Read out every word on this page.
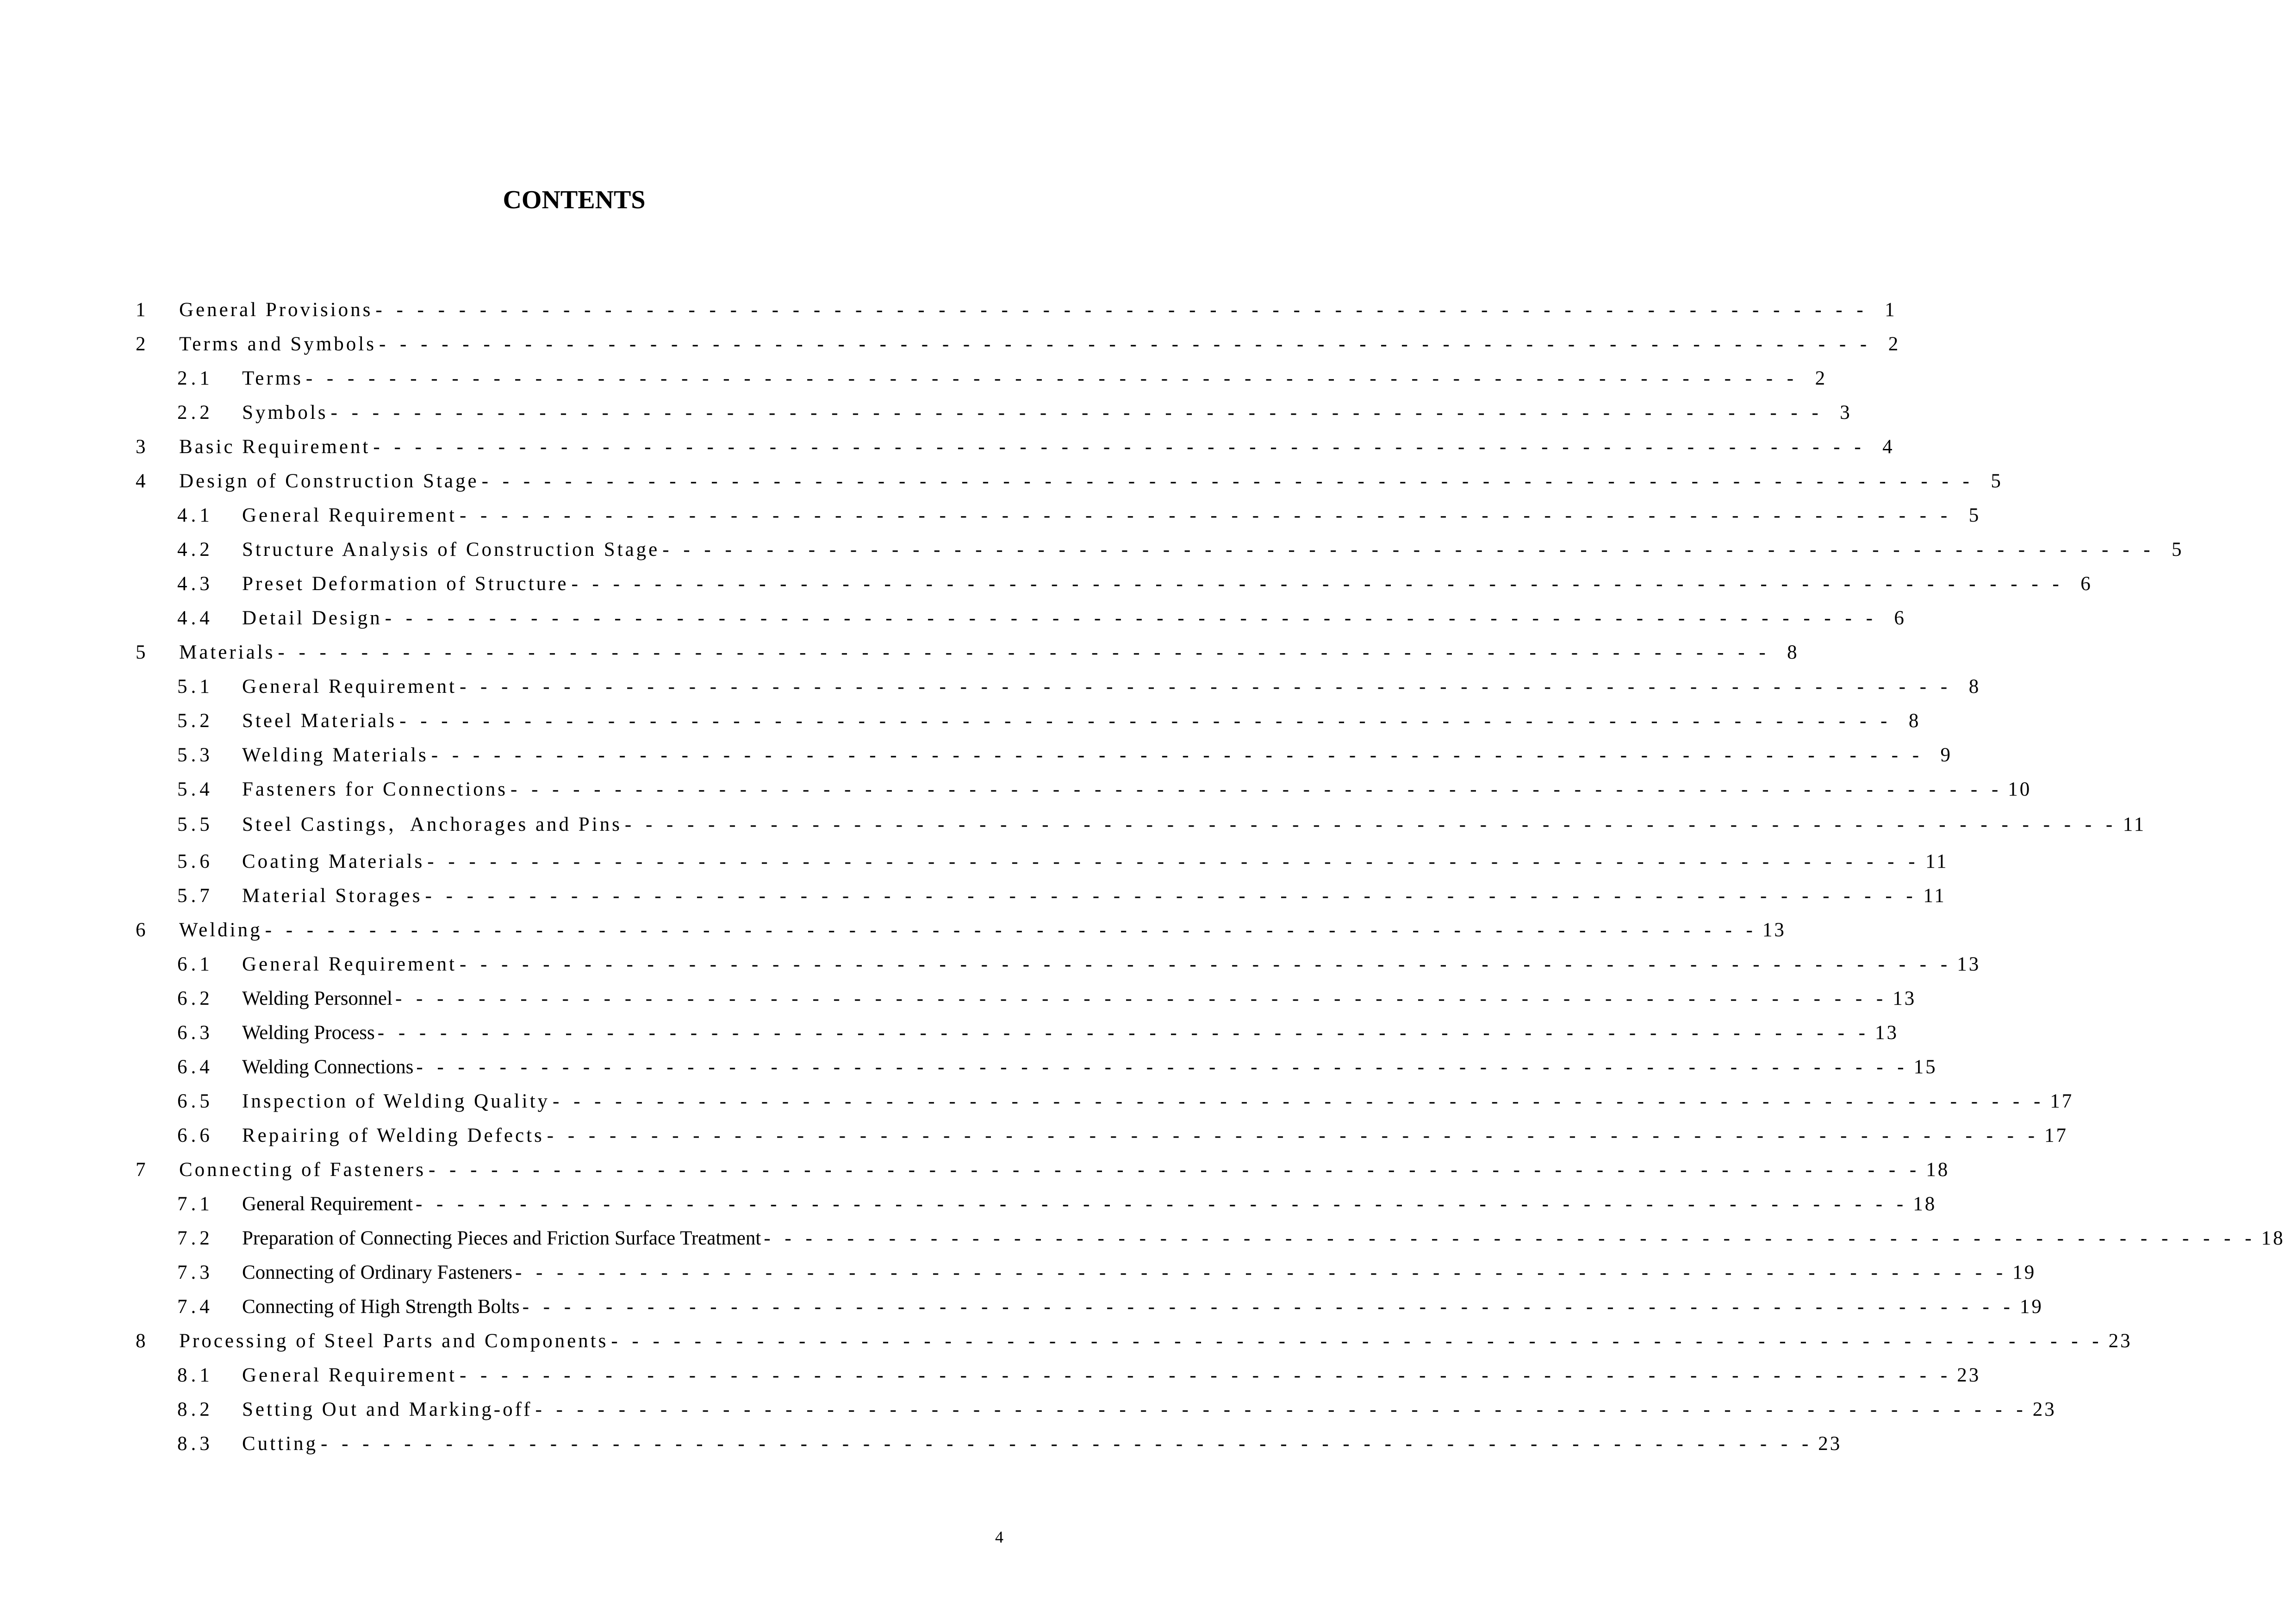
CONTENTS
1	General Provisions - - - - - - - - - - - - - - - - - - - - - - - - - - - - - - - - - - - - - - - - - - - - - - - - - - - - - - - - - - - - - - - - - - - - - - - - 1
2	Terms and Symbols - - - - - - - - - - - - - - - - - - - - - - - - - - - - - - - - - - - - - - - - - - - - - - - - - - - - - - - - - - - - - - - - - - - - - - - - 2
2.1	Terms - - - - - - - - - - - - - - - - - - - - - - - - - - - - - - - - - - - - - - - - - - - - - - - - - - - - - - - - - - - - - - - - - - - - - - - - 2
2.2	Symbols - - - - - - - - - - - - - - - - - - - - - - - - - - - - - - - - - - - - - - - - - - - - - - - - - - - - - - - - - - - - - - - - - - - - - - - - 3
3	Basic Requirement - - - - - - - - - - - - - - - - - - - - - - - - - - - - - - - - - - - - - - - - - - - - - - - - - - - - - - - - - - - - - - - - - - - - - - - - 4
4	Design of Construction Stage - - - - - - - - - - - - - - - - - - - - - - - - - - - - - - - - - - - - - - - - - - - - - - - - - - - - - - - - - - - - - - - - - - - - - - - - 5
4.1	General Requirement - - - - - - - - - - - - - - - - - - - - - - - - - - - - - - - - - - - - - - - - - - - - - - - - - - - - - - - - - - - - - - - - - - - - - - - - 5
4.2	Structure Analysis of Construction Stage - - - - - - - - - - - - - - - - - - - - - - - - - - - - - - - - - - - - - - - - - - - - - - - - - - - - - - - - - - - - - - - - - - - - - - - - 5
4.3	Preset Deformation of Structure - - - - - - - - - - - - - - - - - - - - - - - - - - - - - - - - - - - - - - - - - - - - - - - - - - - - - - - - - - - - - - - - - - - - - - - - 6
4.4	Detail Design - - - - - - - - - - - - - - - - - - - - - - - - - - - - - - - - - - - - - - - - - - - - - - - - - - - - - - - - - - - - - - - - - - - - - - - - 6
5	Materials - - - - - - - - - - - - - - - - - - - - - - - - - - - - - - - - - - - - - - - - - - - - - - - - - - - - - - - - - - - - - - - - - - - - - - - - 8
5.1	General Requirement - - - - - - - - - - - - - - - - - - - - - - - - - - - - - - - - - - - - - - - - - - - - - - - - - - - - - - - - - - - - - - - - - - - - - - - - 8
5.2	Steel Materials - - - - - - - - - - - - - - - - - - - - - - - - - - - - - - - - - - - - - - - - - - - - - - - - - - - - - - - - - - - - - - - - - - - - - - - - 8
5.3	Welding Materials - - - - - - - - - - - - - - - - - - - - - - - - - - - - - - - - - - - - - - - - - - - - - - - - - - - - - - - - - - - - - - - - - - - - - - - - 9
5.4	Fasteners for Connections - - - - - - - - - - - - - - - - - - - - - - - - - - - - - - - - - - - - - - - - - - - - - - - - - - - - - - - - - - - - - - - - - - - - - - - - 10
5.5	Steel Castings，Anchorages and Pins - - - - - - - - - - - - - - - - - - - - - - - - - - - - - - - - - - - - - - - - - - - - - - - - - - - - - - - - - - - - - - - - - - - - - - - - 11
5.6	Coating Materials - - - - - - - - - - - - - - - - - - - - - - - - - - - - - - - - - - - - - - - - - - - - - - - - - - - - - - - - - - - - - - - - - - - - - - - - 11
5.7	Material Storages - - - - - - - - - - - - - - - - - - - - - - - - - - - - - - - - - - - - - - - - - - - - - - - - - - - - - - - - - - - - - - - - - - - - - - - - 11
6	Welding - - - - - - - - - - - - - - - - - - - - - - - - - - - - - - - - - - - - - - - - - - - - - - - - - - - - - - - - - - - - - - - - - - - - - - - - 13
6.1	General Requirement - - - - - - - - - - - - - - - - - - - - - - - - - - - - - - - - - - - - - - - - - - - - - - - - - - - - - - - - - - - - - - - - - - - - - - - - 13
6.2	Welding Personnel - - - - - - - - - - - - - - - - - - - - - - - - - - - - - - - - - - - - - - - - - - - - - - - - - - - - - - - - - - - - - - - - - - - - - - - - 13
6.3	Welding Process - - - - - - - - - - - - - - - - - - - - - - - - - - - - - - - - - - - - - - - - - - - - - - - - - - - - - - - - - - - - - - - - - - - - - - - - 13
6.4	Welding Connections - - - - - - - - - - - - - - - - - - - - - - - - - - - - - - - - - - - - - - - - - - - - - - - - - - - - - - - - - - - - - - - - - - - - - - - - 15
6.5	Inspection of Welding Quality - - - - - - - - - - - - - - - - - - - - - - - - - - - - - - - - - - - - - - - - - - - - - - - - - - - - - - - - - - - - - - - - - - - - - - - - 17
6.6	Repairing of Welding Defects - - - - - - - - - - - - - - - - - - - - - - - - - - - - - - - - - - - - - - - - - - - - - - - - - - - - - - - - - - - - - - - - - - - - - - - - 17
7	Connecting of Fasteners - - - - - - - - - - - - - - - - - - - - - - - - - - - - - - - - - - - - - - - - - - - - - - - - - - - - - - - - - - - - - - - - - - - - - - - - 18
7.1	General Requirement - - - - - - - - - - - - - - - - - - - - - - - - - - - - - - - - - - - - - - - - - - - - - - - - - - - - - - - - - - - - - - - - - - - - - - - - 18
7.2	Preparation of Connecting Pieces and Friction Surface Treatment - - - - - - - - - - - - - - - - - - - - - - - - - - - - - - - - - - - - - - - - - - - - - - - - - - - - - - - - - - - - - - - - - - - - - - - - 18
7.3	Connecting of Ordinary Fasteners - - - - - - - - - - - - - - - - - - - - - - - - - - - - - - - - - - - - - - - - - - - - - - - - - - - - - - - - - - - - - - - - - - - - - - - - 19
7.4	Connecting of High Strength Bolts - - - - - - - - - - - - - - - - - - - - - - - - - - - - - - - - - - - - - - - - - - - - - - - - - - - - - - - - - - - - - - - - - - - - - - - - 19
8	Processing of Steel Parts and Components - - - - - - - - - - - - - - - - - - - - - - - - - - - - - - - - - - - - - - - - - - - - - - - - - - - - - - - - - - - - - - - - - - - - - - - - 23
8.1	General Requirement - - - - - - - - - - - - - - - - - - - - - - - - - - - - - - - - - - - - - - - - - - - - - - - - - - - - - - - - - - - - - - - - - - - - - - - - 23
8.2	Setting Out and Marking-off - - - - - - - - - - - - - - - - - - - - - - - - - - - - - - - - - - - - - - - - - - - - - - - - - - - - - - - - - - - - - - - - - - - - - - - - 23
8.3	Cutting - - - - - - - - - - - - - - - - - - - - - - - - - - - - - - - - - - - - - - - - - - - - - - - - - - - - - - - - - - - - - - - - - - - - - - - - 23
4
